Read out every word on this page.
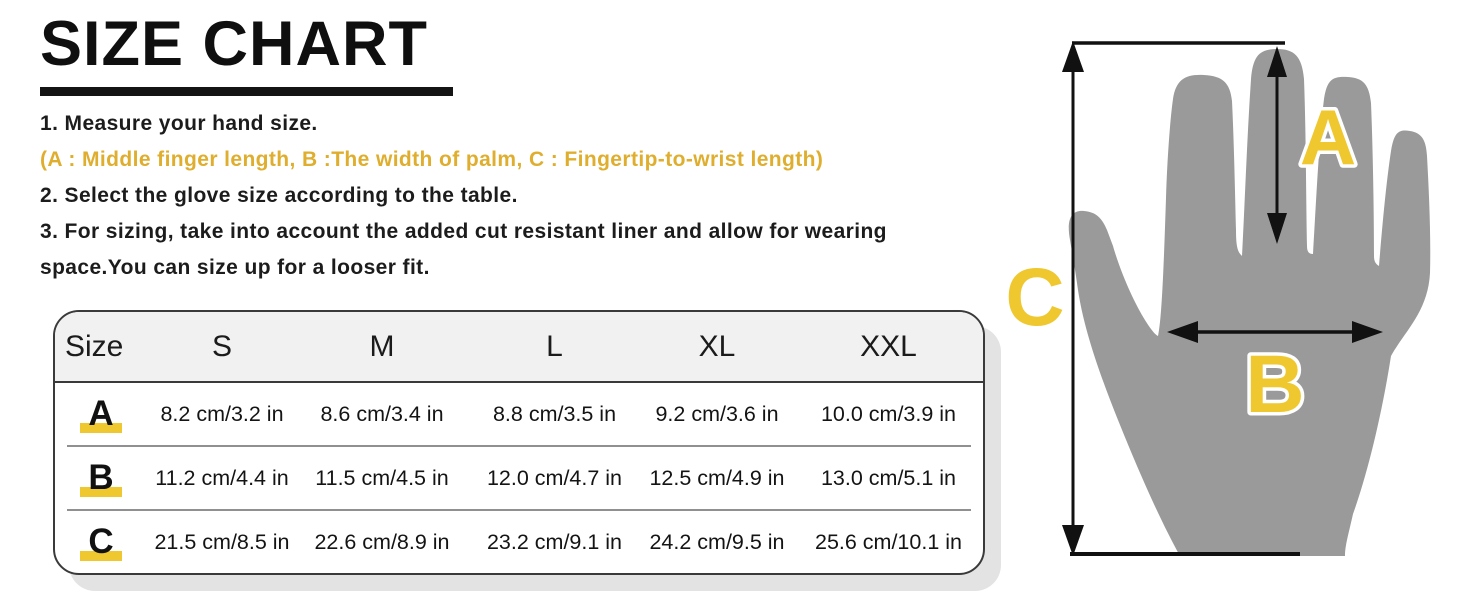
SIZE CHART

1. Measure your hand size.

(A : Middle finger length, B :The width of palm, C : Fingertip-to-wrist length)

2. Select the glove size according to the table.

3. For sizing, take into account the added cut resistant liner and allow for wearing

space.You can size up for a looser fit.

Size	S	M	L	XL	XXL
A	8.2 cm/3.2 in	8.6 cm/3.4 in	8.8 cm/3.5 in	9.2 cm/3.6 in	10.0 cm/3.9 in
B	11.2 cm/4.4 in	11.5 cm/4.5 in	12.0 cm/4.7 in	12.5 cm/4.9 in	13.0 cm/5.1 in
C	21.5 cm/8.5 in	22.6 cm/8.9 in	23.2 cm/9.1 in	24.2 cm/9.5 in	25.6 cm/10.1 in
A
B
C
